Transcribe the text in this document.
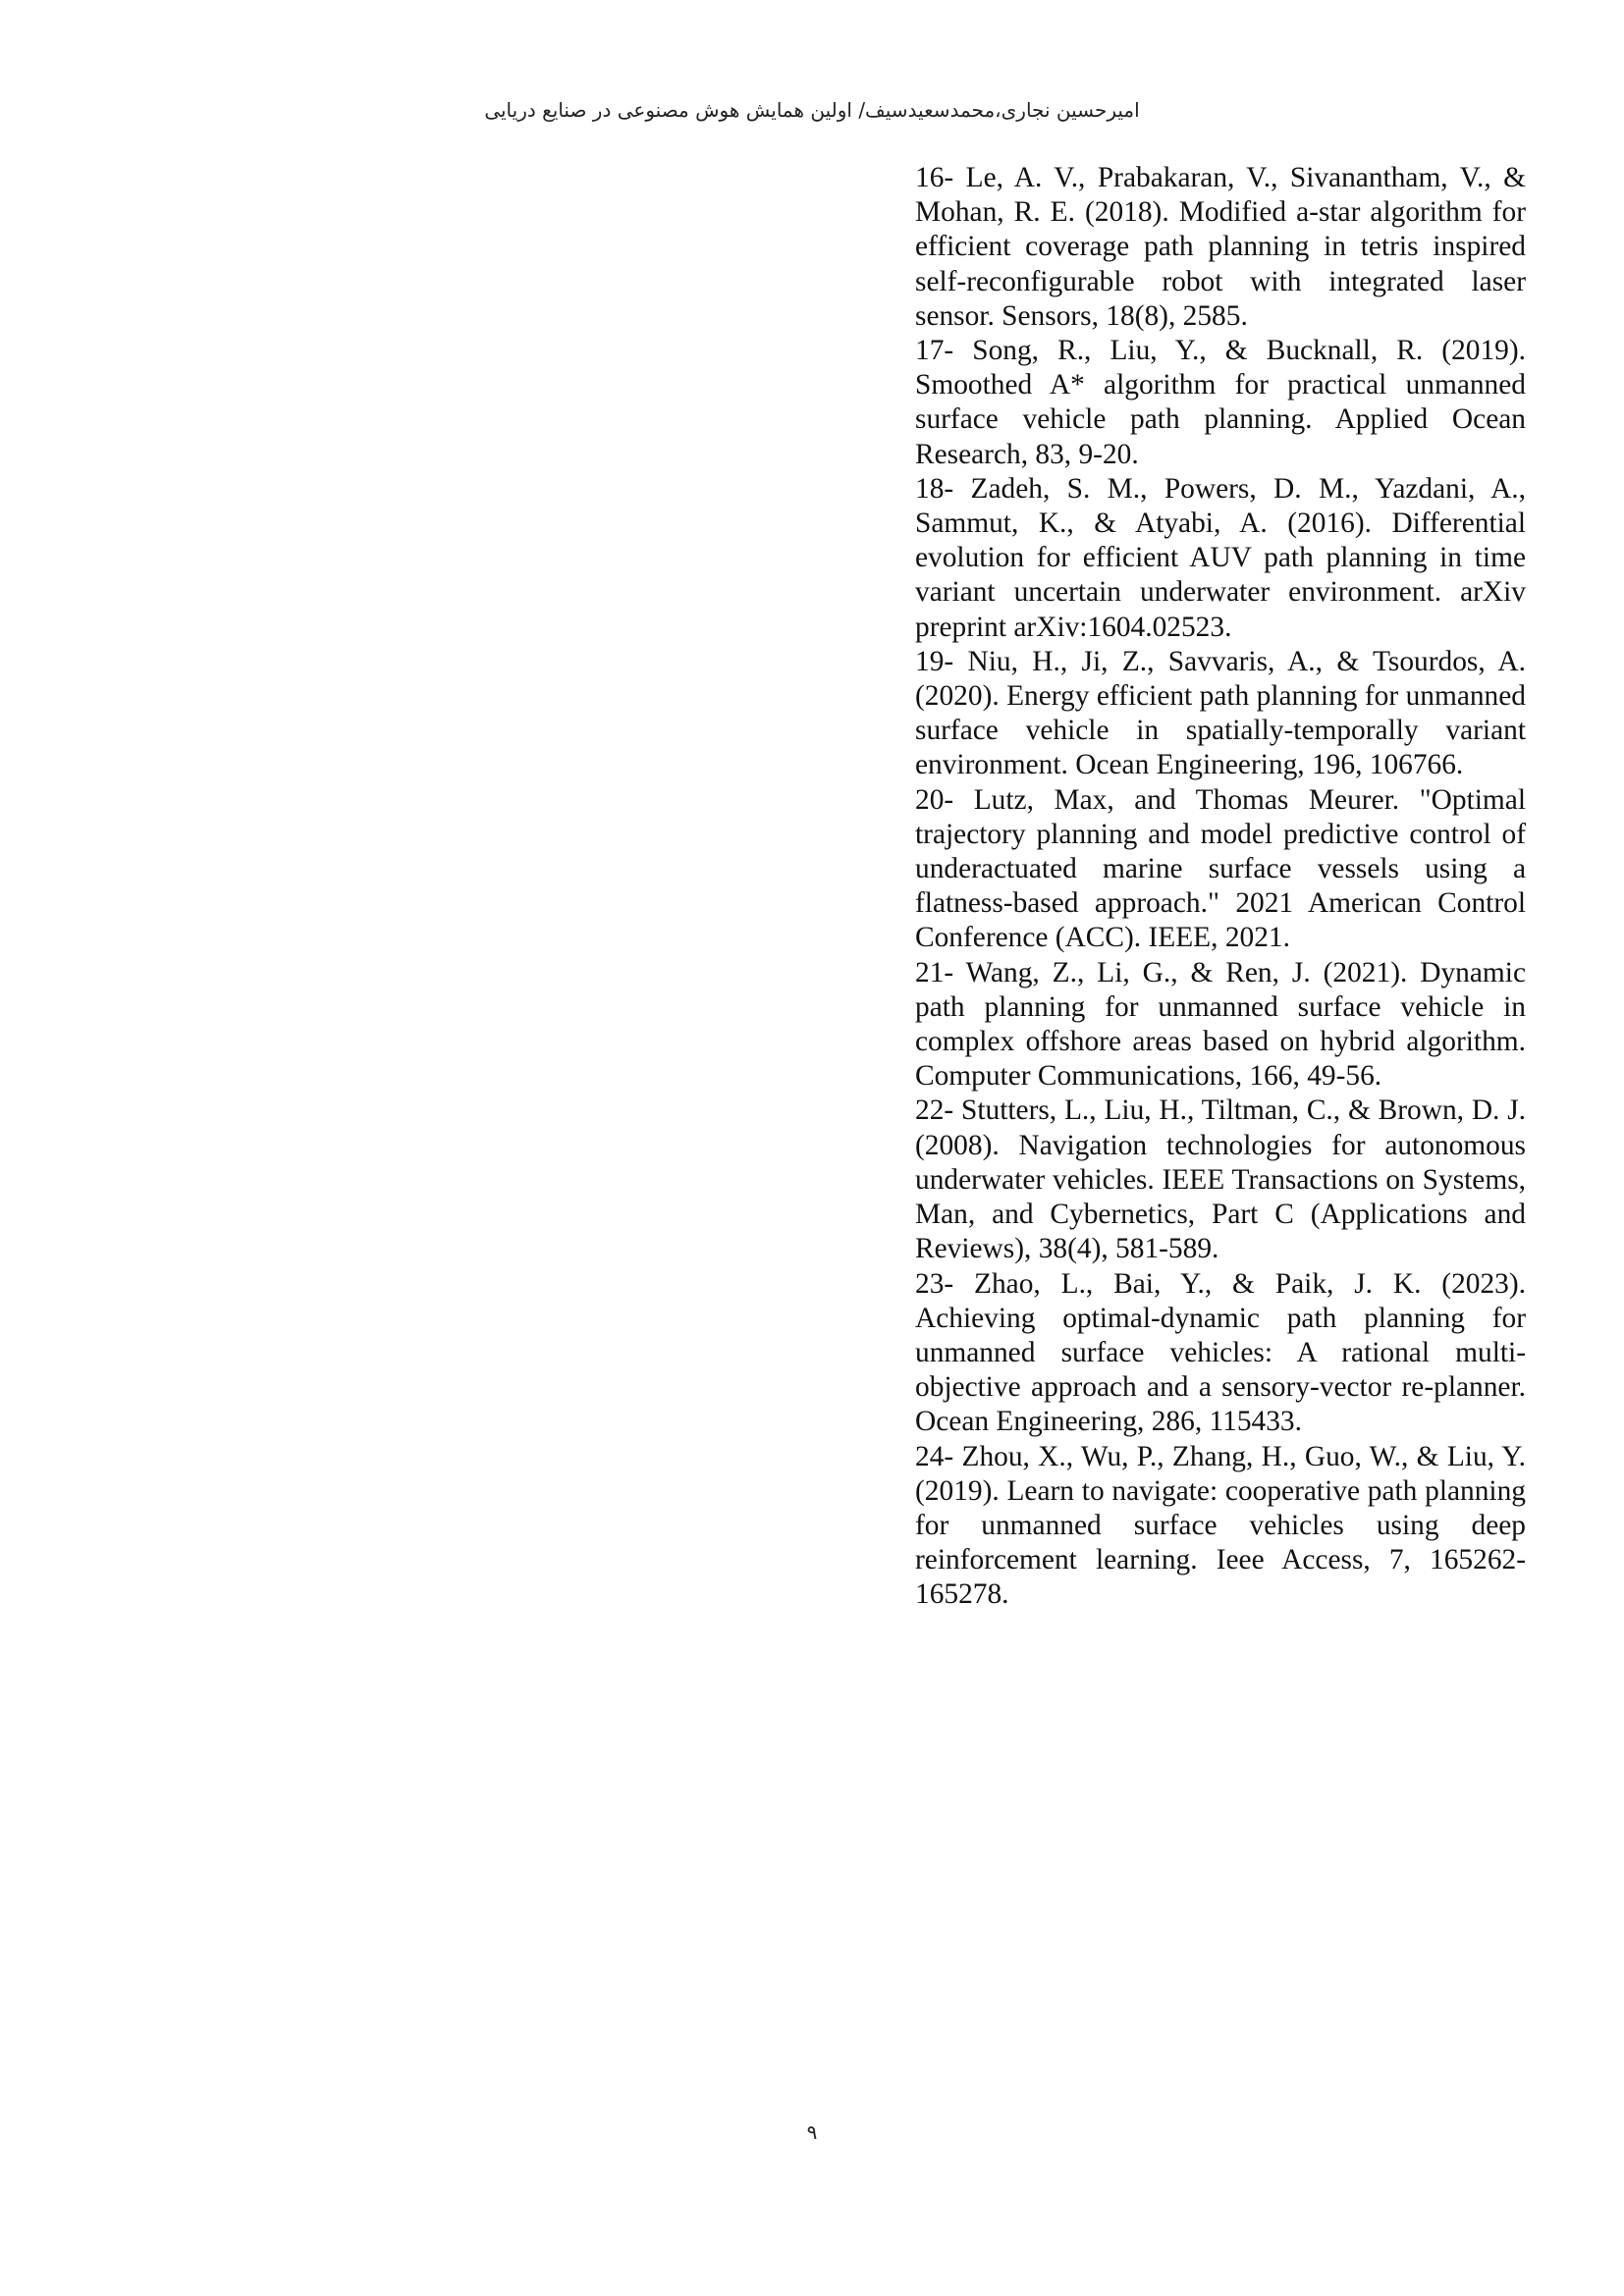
امیرحسین نجاری،محمدسعیدسیف/ اولین همایش هوش مصنوعی در صنایع دریایی

16- Le, A. V., Prabakaran, V., Sivanantham, V., & Mohan, R. E. (2018). Modified a-star algorithm for efficient coverage path planning in tetris inspired self-reconfigurable robot with integrated laser sensor. Sensors, 18(8), 2585.

17- Song, R., Liu, Y., & Bucknall, R. (2019). Smoothed A* algorithm for practical unmanned surface vehicle path planning. Applied Ocean Research, 83, 9-20.

18- Zadeh, S. M., Powers, D. M., Yazdani, A., Sammut, K., & Atyabi, A. (2016). Differential evolution for efficient AUV path planning in time variant uncertain underwater environment. arXiv preprint arXiv:1604.02523.

19- Niu, H., Ji, Z., Savvaris, A., & Tsourdos, A. (2020). Energy efficient path planning for unmanned surface vehicle in spatially-temporally variant environment. Ocean Engineering, 196, 106766.

20- Lutz, Max, and Thomas Meurer. "Optimal trajectory planning and model predictive control of underactuated marine surface vessels using a flatness-based approach." 2021 American Control Conference (ACC). IEEE, 2021.

21- Wang, Z., Li, G., & Ren, J. (2021). Dynamic path planning for unmanned surface vehicle in complex offshore areas based on hybrid algorithm. Computer Communications, 166, 49-56.

22- Stutters, L., Liu, H., Tiltman, C., & Brown, D. J. (2008). Navigation technologies for autonomous underwater vehicles. IEEE Transactions on Systems, Man, and Cybernetics, Part C (Applications and Reviews), 38(4), 581-589.

23- Zhao, L., Bai, Y., & Paik, J. K. (2023). Achieving optimal-dynamic path planning for unmanned surface vehicles: A rational multi-objective approach and a sensory-vector re-planner. Ocean Engineering, 286, 115433.

24- Zhou, X., Wu, P., Zhang, H., Guo, W., & Liu, Y. (2019). Learn to navigate: cooperative path planning for unmanned surface vehicles using deep reinforcement learning. Ieee Access, 7, 165262-165278.

۹
